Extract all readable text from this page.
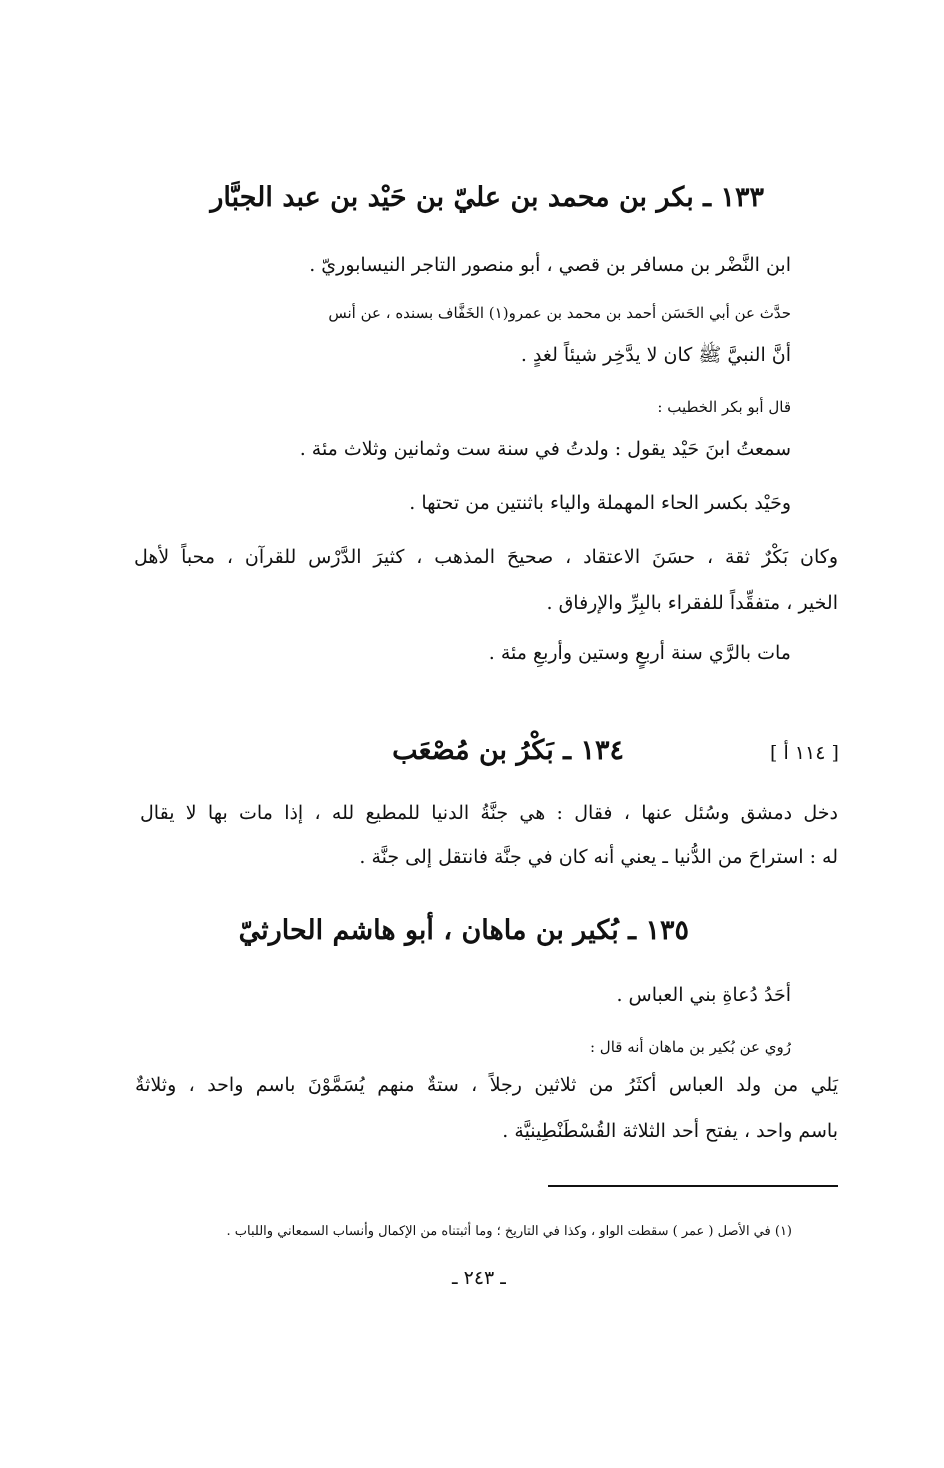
١٣٣ ـ بكر بن محمد بن عليّ بن حَيْد بن عبد الجبَّار
ابن النَّضْر بن مسافر بن قصي ، أبو منصور التاجر النيسابوريّ .
حدَّث عن أبي الحَسَن أحمد بن محمد بن عمرو(١) الخَفَّاف بسنده ، عن أنس
أنَّ النبيَّ ﷺ كان لا يدَّخِر شيئاً لغدٍ .
قال أبو بكر الخطيب :
سمعتُ ابنَ حَيْد يقول : ولدتُ في سنة ست وثمانين وثلاث مئة .
وحَيْد بكسر الحاء المهملة والياء باثنتين من تحتها .
وكان بَكْرٌ ثقة ، حسَنَ الاعتقاد ، صحيحَ المذهب ، كثيرَ الدَّرْس للقرآن ، محباً لأهل
الخير ، متفقِّداً للفقراء بالبِرِّ والإرفاق .
مات بالرَّي سنة أربعٍ وستين وأربعِ مئة .
[ ١١٤ أ ]
١٣٤ ـ بَكْرُ بن مُصْعَب
دخل دمشق وسُئل عنها ، فقال : هي جنَّةُ الدنيا للمطيع لله ، إذا مات بها لا يقال
له : استراحَ من الدُّنيا ـ يعني أنه كان في جنَّة فانتقل إلى جنَّة .
١٣٥ ـ بُكير بن ماهان ، أبو هاشم الحارثيّ
أحَدُ دُعاةِ بني العباس .
رُوي عن بُكير بن ماهان أنه قال :
يَلي من ولد العباس أكثَرُ من ثلاثين رجلاً ، ستةٌ منهم يُسَمَّوْنَ باسم واحد ، وثلاثةٌ
باسم واحد ، يفتح أحد الثلاثة القُسْطَنْطِينيَّة .
(١) في الأصل ( عمر ) سقطت الواو ، وكذا في التاريخ ؛ وما أثبتناه من الإكمال وأنساب السمعاني واللباب .
ـ ٢٤٣ ـ
